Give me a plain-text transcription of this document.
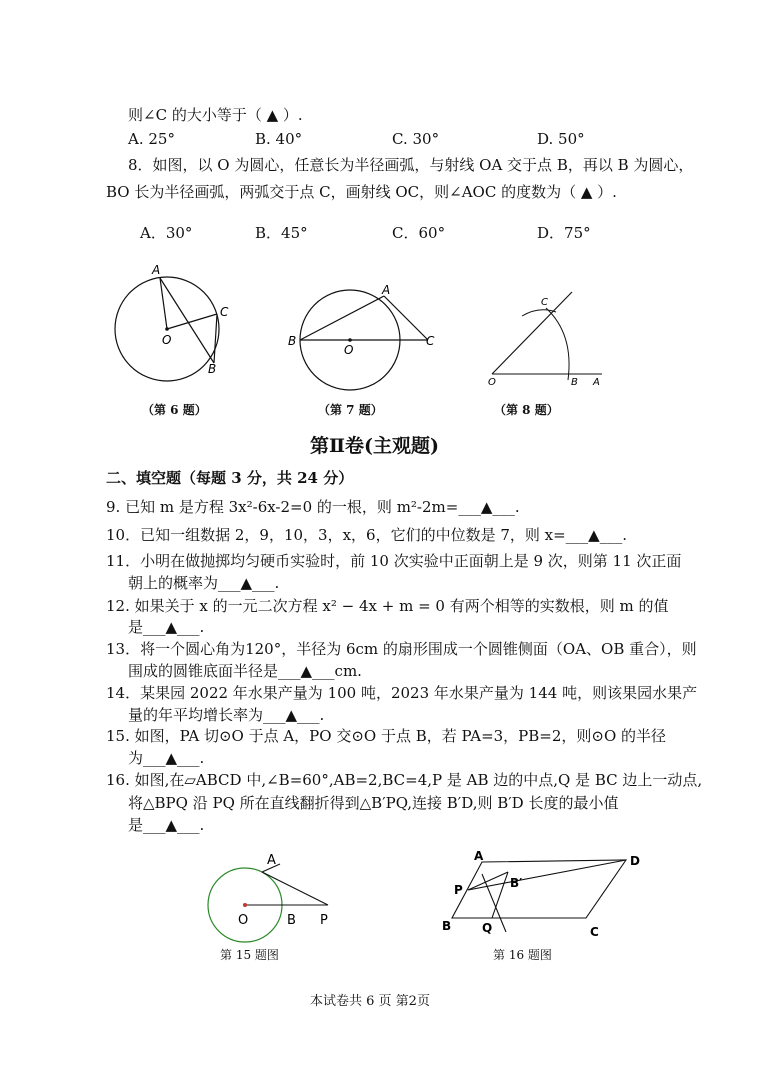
则∠C 的大小等于（ ▲ ）.
A. 25°	B. 40°	C. 30°	D. 50°
8．如图，以 O 为圆心，任意长为半径画弧，与射线 OA 交于点 B，再以 B 为圆心，
BO 长为半径画弧，两弧交于点 C，画射线 OC，则∠AOC 的度数为（ ▲ ）.
A．30°	B．45°	C．60°	D．75°
A
C
O
B
（第 6 题）
A
B
O
C
（第 7 题）
C
O	B A
（第 8 题）
第Ⅱ卷(主观题)
二、填空题（每题 3 分，共 24 分）
9. 已知 m 是方程 3x²-6x-2=0 的一根，则 m²-2m=___▲___.
10．已知一组数据 2，9，10，3，x，6，它们的中位数是 7，则 x=___▲___.
11．小明在做抛掷均匀硬币实验时，前 10 次实验中正面朝上是 9 次，则第 11 次正面
朝上的概率为___▲___.
12. 如果关于 x 的一元二次方程 x² − 4x + m = 0 有两个相等的实数根，则 m 的值
是___▲___.
13．将一个圆心角为120°，半径为 6cm 的扇形围成一个圆锥侧面（OA、OB 重合），则
围成的圆锥底面半径是___▲___cm.
14．某果园 2022 年水果产量为 100 吨，2023 年水果产量为 144 吨，则该果园水果产
量的年平均增长率为___▲___.
15. 如图，PA 切⊙O 于点 A，PO 交⊙O 于点 B，若 PA=3，PB=2，则⊙O 的半径
为___▲___.
16. 如图,在▱ABCD 中,∠B=60°,AB=2,BC=4,P 是 AB 边的中点,Q 是 BC 边上一动点,
将△BPQ 沿 PQ 所在直线翻折得到△B′PQ,连接 B′D,则 B′D 长度的最小值
是___▲___.
A
O	B P
第 15 题图
A	D
P	B′
B	Q	C
第 16 题图
本试卷共 6 页 第2页
